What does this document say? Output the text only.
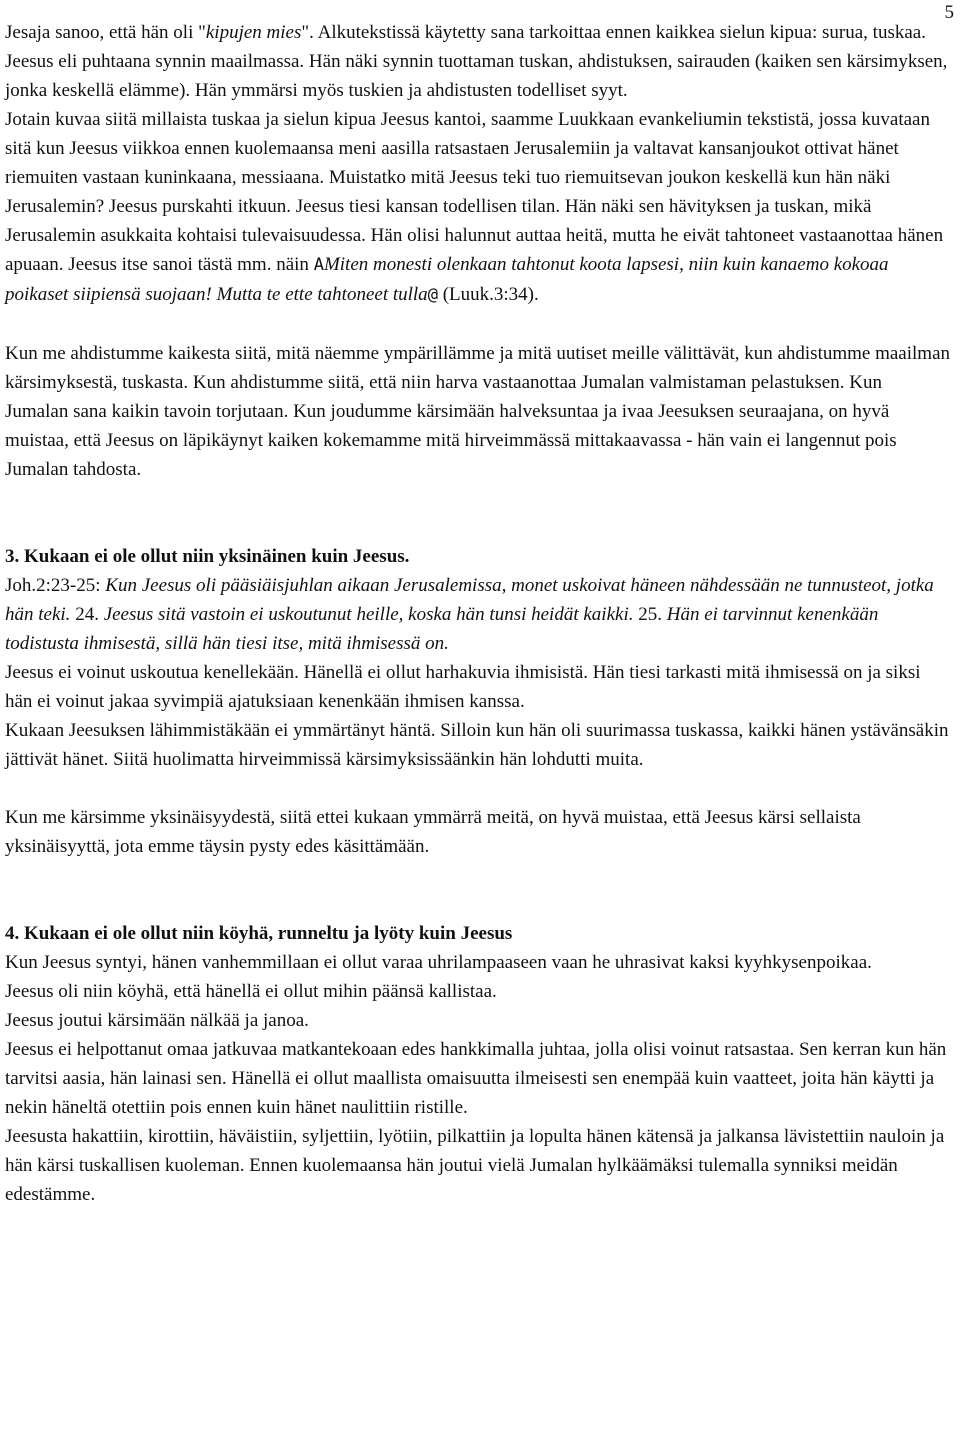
5

Jesaja sanoo, että hän oli "kipujen mies". Alkutekstissä käytetty sana tarkoittaa ennen kaikkea sielun kipua: surua, tuskaa. Jeesus eli puhtaana synnin maailmassa. Hän näki synnin tuottaman tuskan, ahdistuksen, sairauden (kaiken sen kärsimyksen, jonka keskellä elämme). Hän ymmärsi myös tuskien ja ahdistusten todelliset syyt.

Jotain kuvaa siitä millaista tuskaa ja sielun kipua Jeesus kantoi, saamme Luukkaan evankeliumin tekstistä, jossa kuvataan sitä kun Jeesus viikkoa ennen kuolemaansa meni aasilla ratsastaen Jerusalemiin ja valtavat kansanjoukot ottivat hänet riemuiten vastaan kuninkaana, messiaana. Muistatko mitä Jeesus teki tuo riemuitsevan joukon keskellä kun hän näki Jerusalemin? Jeesus purskahti itkuun. Jeesus tiesi kansan todellisen tilan. Hän näki sen hävityksen ja tuskan, mikä Jerusalemin asukkaita kohtaisi tulevaisuudessa. Hän olisi halunnut auttaa heitä, mutta he eivät tahtoneet vastaanottaa hänen apuaan. Jeesus itse sanoi tästä mm. näin AMiten monesti olenkaan tahtonut koota lapsesi, niin kuin kanaemo kokoaa poikaset siipiensä suojaan! Mutta te ette tahtoneet tulla@ (Luuk.3:34).

Kun me ahdistumme kaikesta siitä, mitä näemme ympärillämme ja mitä uutiset meille välittävät, kun ahdistumme maailman kärsimyksestä, tuskasta. Kun ahdistumme siitä, että niin harva vastaanottaa Jumalan valmistaman pelastuksen. Kun Jumalan sana kaikin tavoin torjutaan. Kun joudumme kärsimään halveksuntaa ja ivaa Jeesuksen seuraajana, on hyvä muistaa, että Jeesus on läpikäynyt kaiken kokemamme mitä hirveimmässä mittakaavassa - hän vain ei langennut pois Jumalan tahdosta.

3. Kukaan ei ole ollut niin yksinäinen kuin Jeesus.

Joh.2:23-25: Kun Jeesus oli pääsiäisjuhlan aikaan Jerusalemissa, monet uskoivat häneen nähdessään ne tunnusteot, jotka hän teki. 24. Jeesus sitä vastoin ei uskoutunut heille, koska hän tunsi heidät kaikki. 25. Hän ei tarvinnut kenenkään todistusta ihmisestä, sillä hän tiesi itse, mitä ihmisessä on.

Jeesus ei voinut uskoutua kenellekään. Hänellä ei ollut harhakuvia ihmisistä. Hän tiesi tarkasti mitä ihmisessä on ja siksi hän ei voinut jakaa syvimpiä ajatuksiaan kenenkään ihmisen kanssa.

Kukaan Jeesuksen lähimmistäkään ei ymmärtänyt häntä. Silloin kun hän oli suurimassa tuskassa, kaikki hänen ystävänsäkin jättivät hänet. Siitä huolimatta hirveimmissä kärsimyksissäänkin hän lohdutti muita.

Kun me kärsimme yksinäisyydestä, siitä ettei kukaan ymmärrä meitä, on hyvä muistaa, että Jeesus kärsi sellaista yksinäisyyttä, jota emme täysin pysty edes käsittämään.

4. Kukaan ei ole ollut niin köyhä, runneltu ja lyöty kuin Jeesus

Kun Jeesus syntyi, hänen vanhemmillaan ei ollut varaa uhrilampaaseen vaan he uhrasivat kaksi kyyhkysenpoikaa.

Jeesus oli niin köyhä, että hänellä ei ollut mihin päänsä kallistaa.

Jeesus joutui kärsimään nälkää ja janoa.

Jeesus ei helpottanut omaa jatkuvaa matkantekoaan edes hankkimalla juhtaa, jolla olisi voinut ratsastaa. Sen kerran kun hän tarvitsi aasia, hän lainasi sen. Hänellä ei ollut maallista omaisuutta ilmeisesti sen enempää kuin vaatteet, joita hän käytti ja nekin häneltä otettiin pois ennen kuin hänet naulittiin ristille.

Jeesusta hakattiin, kirottiin, häväistiin, syljettiin, lyötiin, pilkattiin ja lopulta hänen kätensä ja jalkansa lävistettiin nauloin ja hän kärsi tuskallisen kuoleman. Ennen kuolemaansa hän joutui vielä Jumalan hylkäämäksi tulemalla synniksi meidän edestämme.
